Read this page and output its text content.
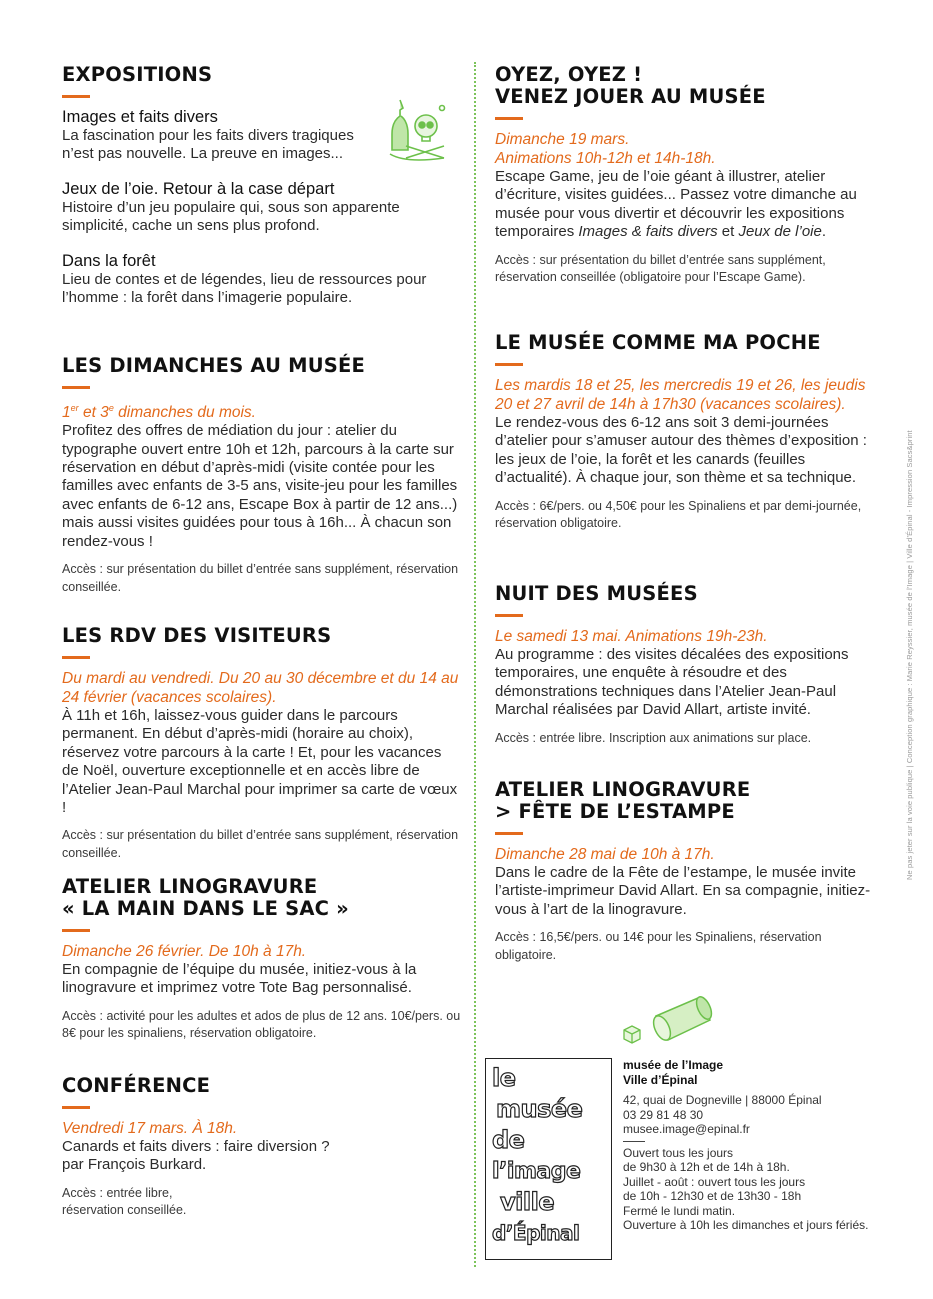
EXPOSITIONS

Images et faits divers

La fascination pour les faits divers tragiques n’est pas nouvelle. La preuve en images...

Jeux de l’oie. Retour à la case départ

Histoire d’un jeu populaire qui, sous son apparente simplicité, cache un sens plus profond.

Dans la forêt

Lieu de contes et de légendes, lieu de ressources pour l’homme : la forêt dans l’imagerie populaire.

LES DIMANCHES AU MUSÉE

1er et 3e dimanches du mois.

Profitez des offres de médiation du jour : atelier du typographe ouvert entre 10h et 12h, parcours à la carte sur réservation en début d’après-midi (visite contée pour les familles avec enfants de 3-5 ans, visite-jeu pour les familles avec enfants de 6-12 ans, Escape Box à partir de 12 ans...) mais aussi visites guidées pour tous à 16h... À chacun son rendez-vous !

Accès : sur présentation du billet d’entrée sans supplément, réservation conseillée.

LES RDV DES VISITEURS

Du mardi au vendredi. Du 20 au 30 décembre et du 14 au 24 février (vacances scolaires).

À 11h et 16h, laissez-vous guider dans le parcours permanent. En début d’après-midi (horaire au choix), réservez votre parcours à la carte ! Et, pour les vacances de Noël, ouverture exceptionnelle et en accès libre de l’Atelier Jean-Paul Marchal pour imprimer sa carte de vœux !

Accès : sur présentation du billet d’entrée sans supplément, réservation conseillée.

ATELIER LINOGRAVURE
« LA MAIN DANS LE SAC »

Dimanche 26 février. De 10h à 17h.

En compagnie de l’équipe du musée, initiez-vous à la linogravure et imprimez votre Tote Bag personnalisé.

Accès : activité pour les adultes et ados de plus de 12 ans. 10€/pers. ou 8€ pour les spinaliens, réservation obligatoire.

CONFÉRENCE

Vendredi 17 mars. À 18h.

Canards et faits divers : faire diversion ?

par François Burkard.

Accès : entrée libre,
réservation conseillée.

OYEZ, OYEZ !
VENEZ JOUER AU MUSÉE

Dimanche 19 mars.
Animations 10h-12h et 14h-18h.

Escape Game, jeu de l’oie géant à illustrer, atelier d’écriture, visites guidées... Passez votre dimanche au musée pour vous divertir et découvrir les expositions temporaires Images & faits divers et Jeux de l’oie.

Accès : sur présentation du billet d’entrée sans supplément, réservation conseillée (obligatoire pour l’Escape Game).

LE MUSÉE COMME MA POCHE

Les mardis 18 et 25, les mercredis 19 et 26, les jeudis 20 et 27 avril de 14h à 17h30 (vacances scolaires).

Le rendez-vous des 6-12 ans soit 3 demi-journées d’atelier pour s’amuser autour des thèmes d’exposition : les jeux de l’oie, la forêt et les canards (feuilles d’actualité). À chaque jour, son thème et sa technique.

Accès : 6€/pers. ou 4,50€ pour les Spinaliens et par demi-journée, réservation obligatoire.

NUIT DES MUSÉES

Le samedi 13 mai. Animations 19h-23h.

Au programme : des visites décalées des expositions temporaires, une enquête à résoudre et des démonstrations techniques dans l’Atelier Jean-Paul Marchal réalisées par David Allart, artiste invité.

Accès : entrée libre. Inscription aux animations sur place.

ATELIER LINOGRAVURE
> FÊTE DE L’ESTAMPE

Dimanche 28 mai de 10h à 17h.

Dans le cadre de la Fête de l’estampe, le musée invite l’artiste-imprimeur David Allart. En sa compagnie, initiez-vous à l’art de la linogravure.

Accès : 16,5€/pers. ou 14€ pour les Spinaliens, réservation obligatoire.

le
musée
de
l’image
ville
d’Épinal

musée de l’Image

Ville d’Épinal

42, quai de Dogneville | 88000 Épinal

03 29 81 48 30

musee.image@epinal.fr

Ouvert tous les jours

de 9h30 à 12h et de 14h à 18h.

Juillet - août : ouvert tous les jours

de 10h - 12h30 et de 13h30 - 18h

Fermé le lundi matin.

Ouverture à 10h les dimanches et jours fériés.

Ne pas jeter sur la voie publique | Conception graphique : Marie Reyssier, musée de l’Image | Ville d’Épinal - Impression Sacs&print
